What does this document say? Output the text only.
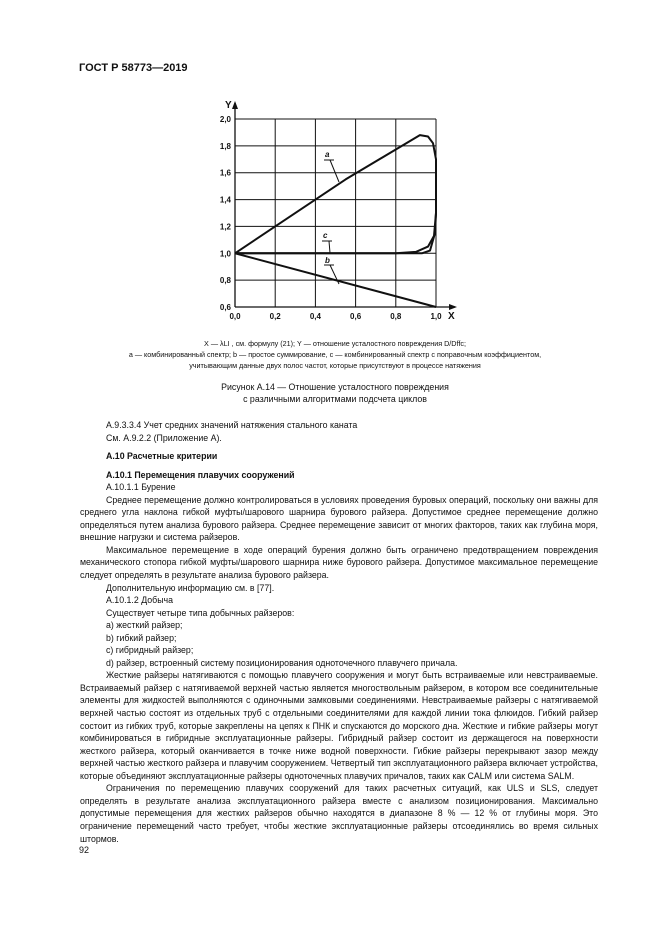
ГОСТ Р 58773—2019
Y
X
0,6
0,8
1,0
1,2
1,4
1,6
1,8
2,0
0,0	0,2	0,4	0,6	0,8	1,0
a
c
b
X — λLI , см. формулу (21); Y — отношение усталостного повреждения D/Dffc;
a — комбинированный спектр; b — простое суммирование, c — комбинированный спектр с поправочным коэффициентом,
учитывающим данные двух полос частот, которые присутствуют в процессе натяжения
Рисунок А.14 — Отношение усталостного повреждения
с различными алгоритмами подсчета циклов

A.9.3.3.4 Учет средних значений натяжения стального каната

См. А.9.2.2 (Приложение А).

А.10 Расчетные критерии

А.10.1 Перемещения плавучих сооружений

А.10.1.1 Бурение

Среднее перемещение должно контролироваться в условиях проведения буровых операций, поскольку они важны для среднего угла наклона гибкой муфты/шарового шарнира бурового райзера. Допустимое среднее перемещение должно определяться путем анализа бурового райзера. Среднее перемещение зависит от многих факторов, таких как глубина моря, внешние нагрузки и система райзеров.

Максимальное перемещение в ходе операций бурения должно быть ограничено предотвращением повреждения механического стопора гибкой муфты/шарового шарнира ниже бурового райзера. Допустимое максимальное перемещение следует определять в результате анализа бурового райзера.

Дополнительную информацию см. в [77].

А.10.1.2 Добыча

Существует четыре типа добычных райзеров:

а) жесткий райзер;

b) гибкий райзер;

с) гибридный райзер;

d) райзер, встроенный систему позиционирования одноточечного плавучего причала.

Жесткие райзеры натягиваются с помощью плавучего сооружения и могут быть встраиваемые или невстраиваемые. Встраиваемый райзер с натягиваемой верхней частью является многоствольным райзером, в котором все соединительные элементы для жидкостей выполняются с одиночными замковыми соединениями. Невстраиваемые райзеры с натягиваемой верхней частью состоят из отдельных труб с отдельными соединителями для каждой линии тока флюидов. Гибкий райзер состоит из гибких труб, которые закреплены на цепях к ПНК и спускаются до морского дна. Жесткие и гибкие райзеры могут комбинироваться в гибридные эксплуатационные райзеры. Гибридный райзер состоит из держащегося на поверхности жесткого райзера, который оканчивается в точке ниже водной поверхности. Гибкие райзеры перекрывают зазор между верхней частью жесткого райзера и плавучим сооружением. Четвертый тип эксплуатационного райзера включает устройства, которые объединяют эксплуатационные райзеры одноточечных плавучих причалов, таких как CALM или система SALM.

Ограничения по перемещению плавучих сооружений для таких расчетных ситуаций, как ULS и SLS, следует определять в результате анализа эксплуатационного райзера вместе с анализом позиционирования. Максимально допустимые перемещения для жестких райзеров обычно находятся в диапазоне 8 % — 12 % от глубины моря. Это ограничение перемещений часто требует, чтобы жесткие эксплуатационные райзеры отсоединялись во время сильных штормов.

92
